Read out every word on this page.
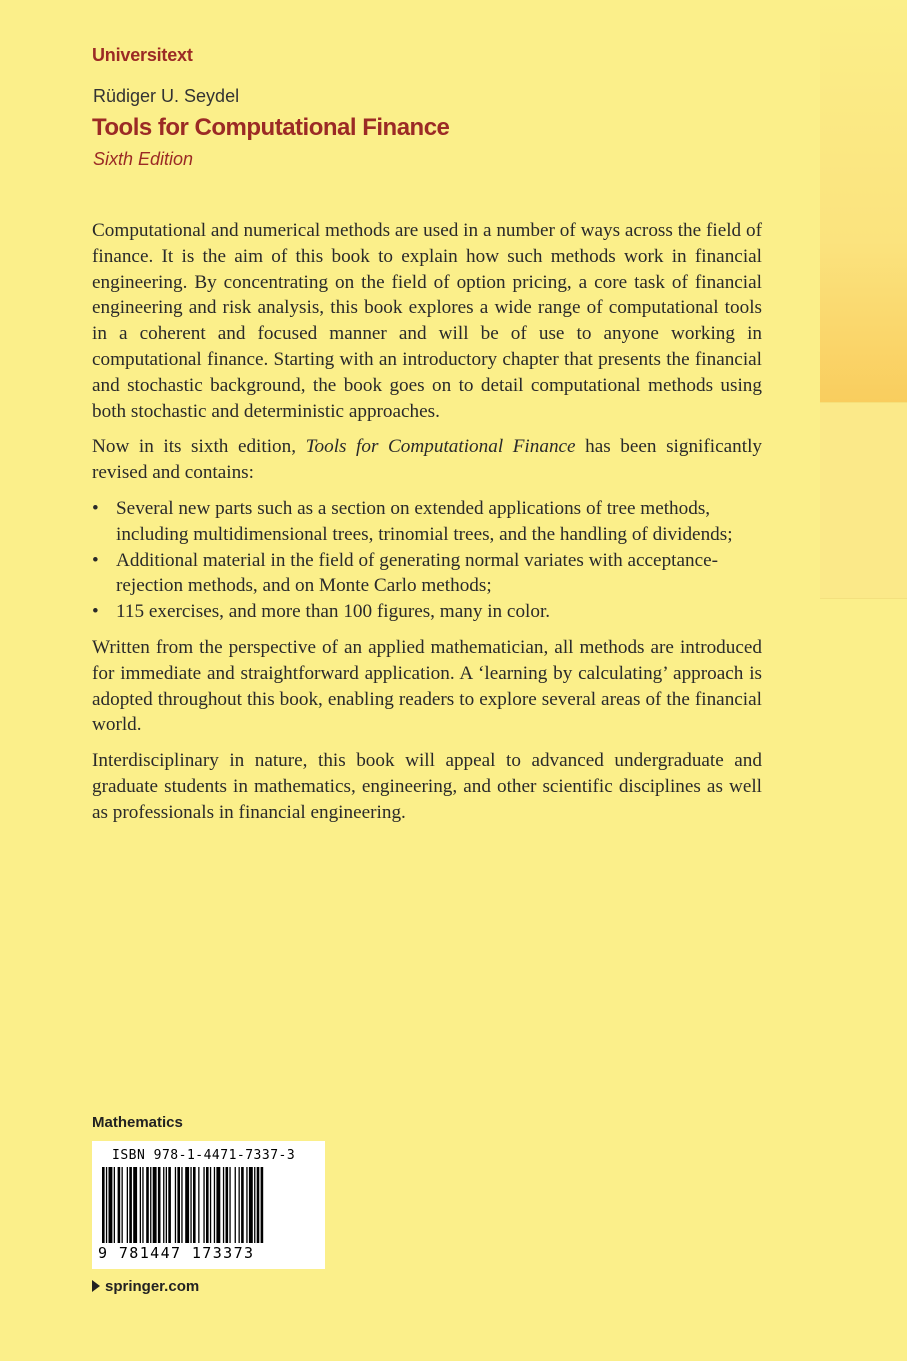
Universitext
Rüdiger U. Seydel
Tools for Computational Finance
Sixth Edition

Computational and numerical methods are used in a number of ways across the field of finance. It is the aim of this book to explain how such methods work in financial engineering. By concentrating on the field of option pricing, a core task of financial engineering and risk analysis, this book explores a wide range of computational tools in a coherent and focused manner and will be of use to anyone working in computational finance. Starting with an introductory chapter that presents the financial and stochastic background, the book goes on to detail computational methods using both stochastic and deterministic approaches.

Now in its sixth edition, Tools for Computational Finance has been significantly revised and contains:

• Several new parts such as a section on extended applications of tree methods, including multidimensional trees, trinomial trees, and the handling of dividends;
• Additional material in the field of generating normal variates with acceptance-rejection methods, and on Monte Carlo methods;
• 115 exercises, and more than 100 figures, many in color.

Written from the perspective of an applied mathematician, all methods are introduced for immediate and straightforward application. A ‘learning by calculating’ approach is adopted throughout this book, enabling readers to explore several areas of the financial world.

Interdisciplinary in nature, this book will appeal to advanced undergraduate and graduate students in mathematics, engineering, and other scientific disciplines as well as professionals in financial engineering.

Mathematics
ISBN 978-1-4471-7337-3
9 781447 173373
springer.com
